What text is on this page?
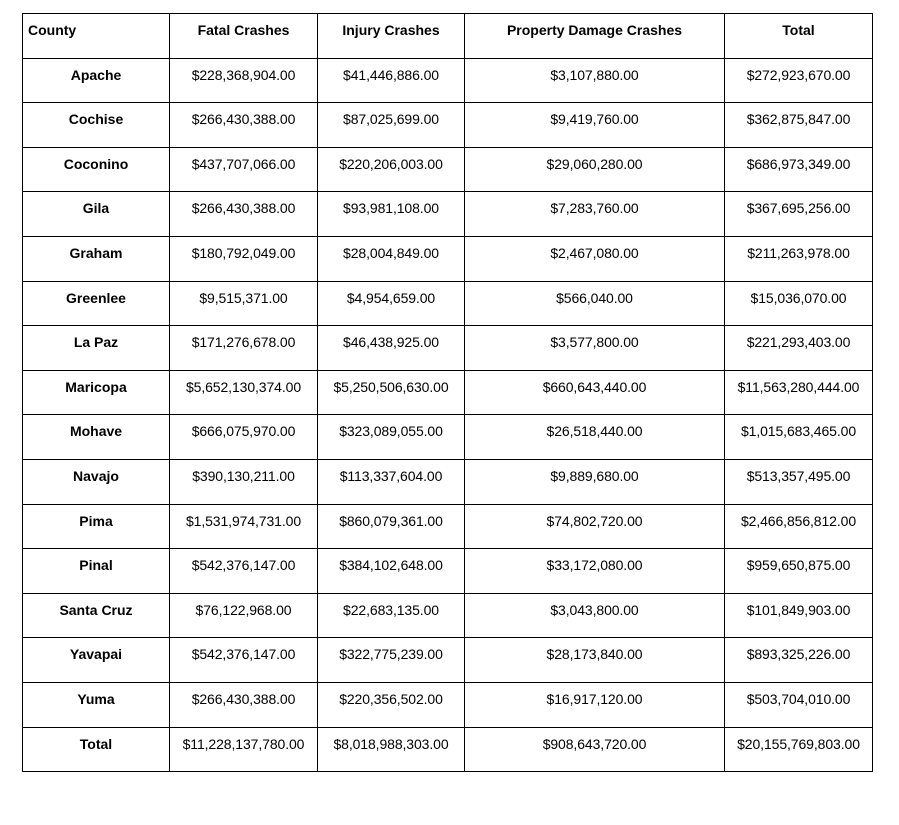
County	Fatal Crashes	Injury Crashes	Property Damage Crashes	Total
Apache	$228,368,904.00	$41,446,886.00	$3,107,880.00	$272,923,670.00
Cochise	$266,430,388.00	$87,025,699.00	$9,419,760.00	$362,875,847.00
Coconino	$437,707,066.00	$220,206,003.00	$29,060,280.00	$686,973,349.00
Gila	$266,430,388.00	$93,981,108.00	$7,283,760.00	$367,695,256.00
Graham	$180,792,049.00	$28,004,849.00	$2,467,080.00	$211,263,978.00
Greenlee	$9,515,371.00	$4,954,659.00	$566,040.00	$15,036,070.00
La Paz	$171,276,678.00	$46,438,925.00	$3,577,800.00	$221,293,403.00
Maricopa	$5,652,130,374.00	$5,250,506,630.00	$660,643,440.00	$11,563,280,444.00
Mohave	$666,075,970.00	$323,089,055.00	$26,518,440.00	$1,015,683,465.00
Navajo	$390,130,211.00	$113,337,604.00	$9,889,680.00	$513,357,495.00
Pima	$1,531,974,731.00	$860,079,361.00	$74,802,720.00	$2,466,856,812.00
Pinal	$542,376,147.00	$384,102,648.00	$33,172,080.00	$959,650,875.00
Santa Cruz	$76,122,968.00	$22,683,135.00	$3,043,800.00	$101,849,903.00
Yavapai	$542,376,147.00	$322,775,239.00	$28,173,840.00	$893,325,226.00
Yuma	$266,430,388.00	$220,356,502.00	$16,917,120.00	$503,704,010.00
Total	$11,228,137,780.00	$8,018,988,303.00	$908,643,720.00	$20,155,769,803.00
